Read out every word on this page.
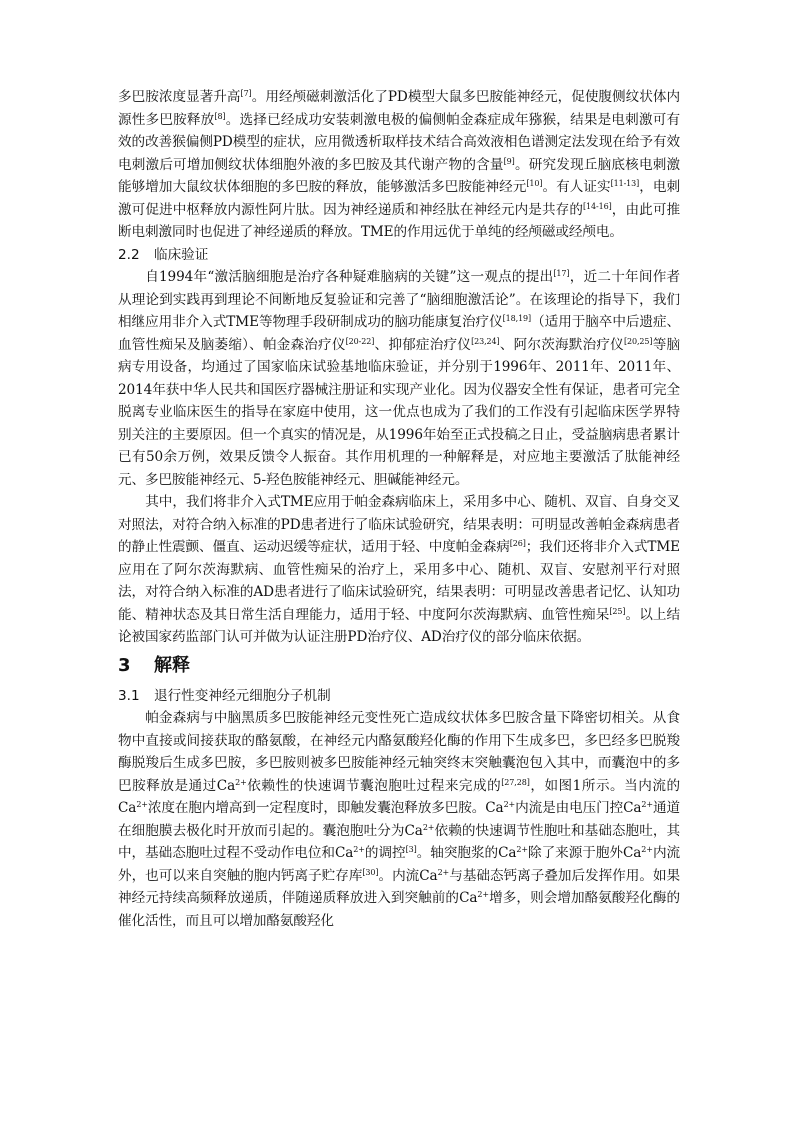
多巴胺浓度显著升高[7]。用经颅磁刺激活化了PD模型大鼠多巴胺能神经元，促使腹侧纹状体内源性多巴胺释放[8]。选择已经成功安装刺激电极的偏侧帕金森症成年猕猴，结果是电刺激可有效的改善猴偏侧PD模型的症状，应用微透析取样技术结合高效液相色谱测定法发现在给予有效电刺激后可增加侧纹状体细胞外液的多巴胺及其代谢产物的含量[9]。研究发现丘脑底核电刺激能够增加大鼠纹状体细胞的多巴胺的释放，能够激活多巴胺能神经元[10]。有人证实[11-13]，电刺激可促进中枢释放内源性阿片肽。因为神经递质和神经肽在神经元内是共存的[14-16]，由此可推断电刺激同时也促进了神经递质的释放。TME的作用远优于单纯的经颅磁或经颅电。

2.2 临床验证

自1994年“激活脑细胞是治疗各种疑难脑病的关键”这一观点的提出[17]，近二十年间作者从理论到实践再到理论不间断地反复验证和完善了“脑细胞激活论”。在该理论的指导下，我们相继应用非介入式TME等物理手段研制成功的脑功能康复治疗仪[18,19]（适用于脑卒中后遗症、血管性痴呆及脑萎缩）、帕金森治疗仪[20-22]、抑郁症治疗仪[23,24]、阿尔茨海默治疗仪[20,25]等脑病专用设备，均通过了国家临床试验基地临床验证，并分别于1996年、2011年、2011年、2014年获中华人民共和国医疗器械注册证和实现产业化。因为仪器安全性有保证，患者可完全脱离专业临床医生的指导在家庭中使用，这一优点也成为了我们的工作没有引起临床医学界特别关注的主要原因。但一个真实的情况是，从1996年始至正式投稿之日止，受益脑病患者累计已有50余万例，效果反馈令人振奋。其作用机理的一种解释是，对应地主要激活了肽能神经元、多巴胺能神经元、5-羟色胺能神经元、胆碱能神经元。

其中，我们将非介入式TME应用于帕金森病临床上，采用多中心、随机、双盲、自身交叉对照法，对符合纳入标准的PD患者进行了临床试验研究，结果表明：可明显改善帕金森病患者的静止性震颤、僵直、运动迟缓等症状，适用于轻、中度帕金森病[26]；我们还将非介入式TME应用在了阿尔茨海默病、血管性痴呆的治疗上，采用多中心、随机、双盲、安慰剂平行对照法，对符合纳入标准的AD患者进行了临床试验研究，结果表明：可明显改善患者记忆、认知功能、精神状态及其日常生活自理能力，适用于轻、中度阿尔茨海默病、血管性痴呆[25]。以上结论被国家药监部门认可并做为认证注册PD治疗仪、AD治疗仪的部分临床依据。

3 解释

3.1 退行性变神经元细胞分子机制

帕金森病与中脑黑质多巴胺能神经元变性死亡造成纹状体多巴胺含量下降密切相关。从食物中直接或间接获取的酪氨酸，在神经元内酪氨酸羟化酶的作用下生成多巴，多巴经多巴脱羧酶脱羧后生成多巴胺，多巴胺则被多巴胺能神经元轴突终末突触囊泡包入其中，而囊泡中的多巴胺释放是通过$Ca^{2+}$依赖性的快速调节囊泡胞吐过程来完成的[27,28]，如图1所示。当内流的$Ca^{2+}$浓度在胞内增高到一定程度时，即触发囊泡释放多巴胺。$Ca^{2+}$内流是由电压门控$Ca^{2+}$通道在细胞膜去极化时开放而引起的。囊泡胞吐分为$Ca^{2+}$依赖的快速调节性胞吐和基础态胞吐，其中，基础态胞吐过程不受动作电位和$Ca^{2+}$的调控[3]。轴突胞浆的$Ca^{2+}$除了来源于胞外$Ca^{2+}$内流外，也可以来自突触的胞内钙离子贮存库[30]。内流$Ca^{2+}$与基础态钙离子叠加后发挥作用。如果神经元持续高频释放递质，伴随递质释放进入到突触前的$Ca^{2+}$增多，则会增加酪氨酸羟化酶的催化活性，而且可以增加酪氨酸羟化
